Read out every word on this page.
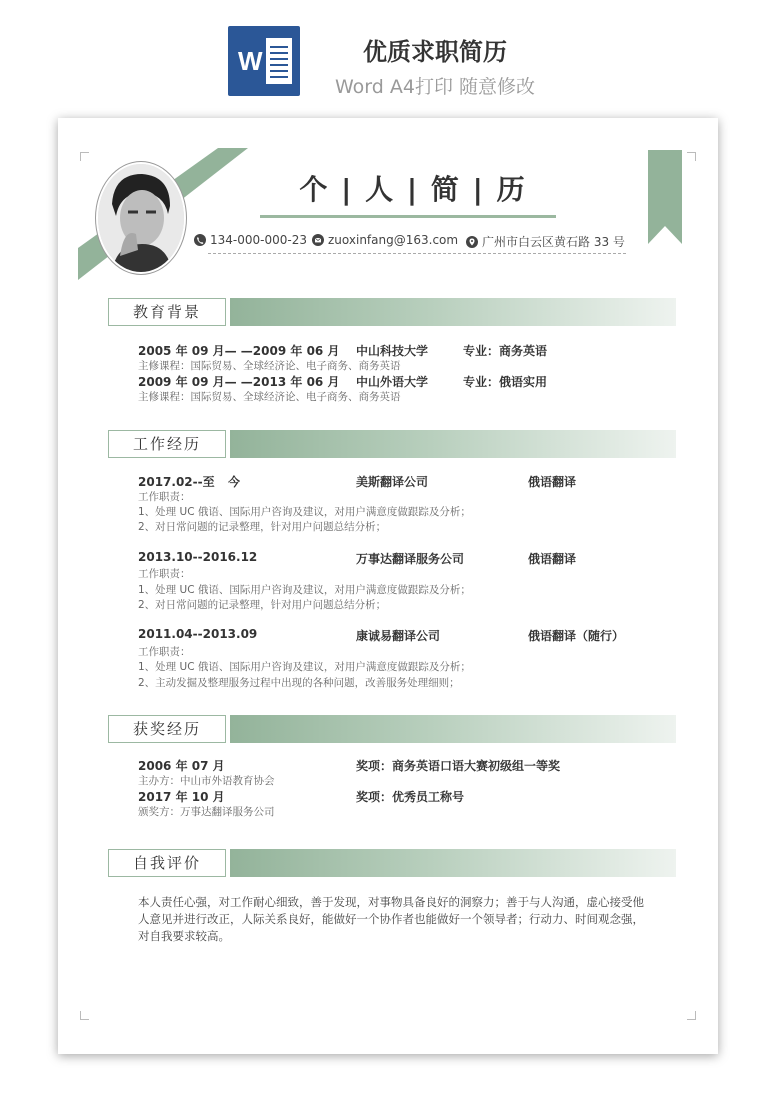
W	优质求职简历
Word A4打印 随意修改
个 | 人 | 简 | 历
134-000-000-23	zuoxinfang@163.com	广州市白云区黄石路 33 号
教育背景
2005 年 09 月— —2009 年 06 月 中山科技大学	专业：商务英语
主修课程：国际贸易、全球经济论、电子商务、商务英语
2009 年 09 月— —2013 年 06 月 中山外语大学	专业：俄语实用
主修课程：国际贸易、全球经济论、电子商务、商务英语
工作经历
2017.02--至 今	美斯翻译公司	俄语翻译
工作职责：
1、处理 UC 俄语、国际用户咨询及建议，对用户满意度做跟踪及分析；
2、对日常问题的记录整理，针对用户问题总结分析；
2013.10--2016.12	万事达翻译服务公司	俄语翻译
工作职责：
1、处理 UC 俄语、国际用户咨询及建议，对用户满意度做跟踪及分析；
2、对日常问题的记录整理，针对用户问题总结分析；
2011.04--2013.09	康诚易翻译公司	俄语翻译（随行）
工作职责：
1、处理 UC 俄语、国际用户咨询及建议，对用户满意度做跟踪及分析；
2、主动发掘及整理服务过程中出现的各种问题，改善服务处理细则；
获奖经历
2006 年 07 月	奖项：商务英语口语大赛初级组一等奖
主办方：中山市外语教育协会
2017 年 10 月	奖项：优秀员工称号
颁奖方：万事达翻译服务公司
自我评价
本人责任心强，对工作耐心细致，善于发现，对事物具备良好的洞察力；善于与人沟通，虚心接受他人意见并进行改正，人际关系良好，能做好一个协作者也能做好一个领导者；行动力、时间观念强，对自我要求较高。
